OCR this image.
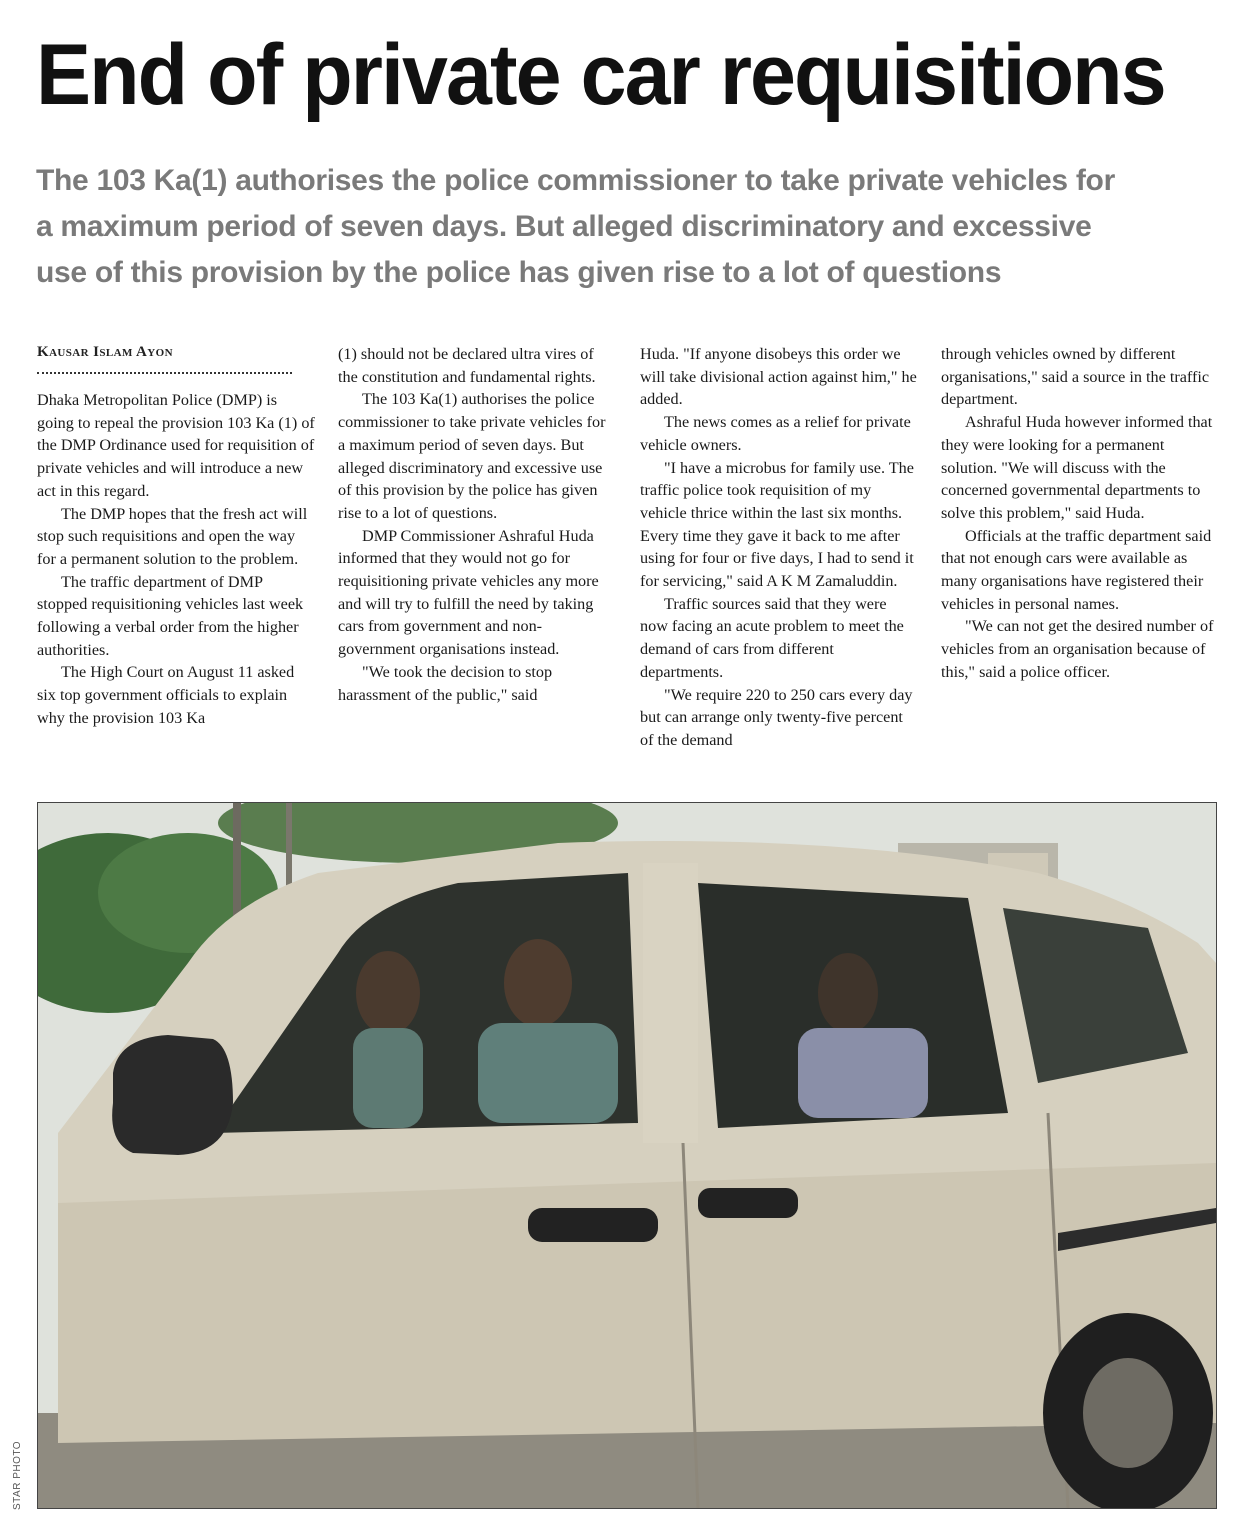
End of private car requisitions
The 103 Ka(1) authorises the police commissioner to take private vehicles for
a maximum period of seven days. But alleged discriminatory and excessive
use of this provision by the police has given rise to a lot of questions
Kausar Islam Ayon

Dhaka Metropolitan Police (DMP) is going to repeal the provision 103 Ka (1) of the DMP Ordinance used for requisition of private vehicles and will introduce a new act in this regard.

The DMP hopes that the fresh act will stop such requisitions and open the way for a permanent solution to the problem.

The traffic department of DMP stopped requisitioning vehicles last week following a verbal order from the higher authorities.

The High Court on August 11 asked six top government officials to explain why the provision 103 Ka

(1) should not be declared ultra vires of the constitution and fundamental rights.

The 103 Ka(1) authorises the police commissioner to take private vehicles for a maximum period of seven days. But alleged discriminatory and excessive use of this provision by the police has given rise to a lot of questions.

DMP Commissioner Ashraful Huda informed that they would not go for requisitioning private vehicles any more and will try to fulfill the need by taking cars from government and non-government organisations instead.

"We took the decision to stop harassment of the public," said

Huda. "If anyone disobeys this order we will take divisional action against him," he added.

The news comes as a relief for private vehicle owners.

"I have a microbus for family use. The traffic police took requisition of my vehicle thrice within the last six months. Every time they gave it back to me after using for four or five days, I had to send it for servicing," said A K M Zamaluddin.

Traffic sources said that they were now facing an acute problem to meet the demand of cars from different departments.

"We require 220 to 250 cars every day but can arrange only twenty-five percent of the demand

through vehicles owned by different organisations," said a source in the traffic department.

Ashraful Huda however informed that they were looking for a permanent solution. "We will discuss with the concerned governmental departments to solve this problem," said Huda.

Officials at the traffic department said that not enough cars were available as many organisations have registered their vehicles in personal names.

"We can not get the desired number of vehicles from an organisation because of this," said a police officer.

STAR PHOTO
